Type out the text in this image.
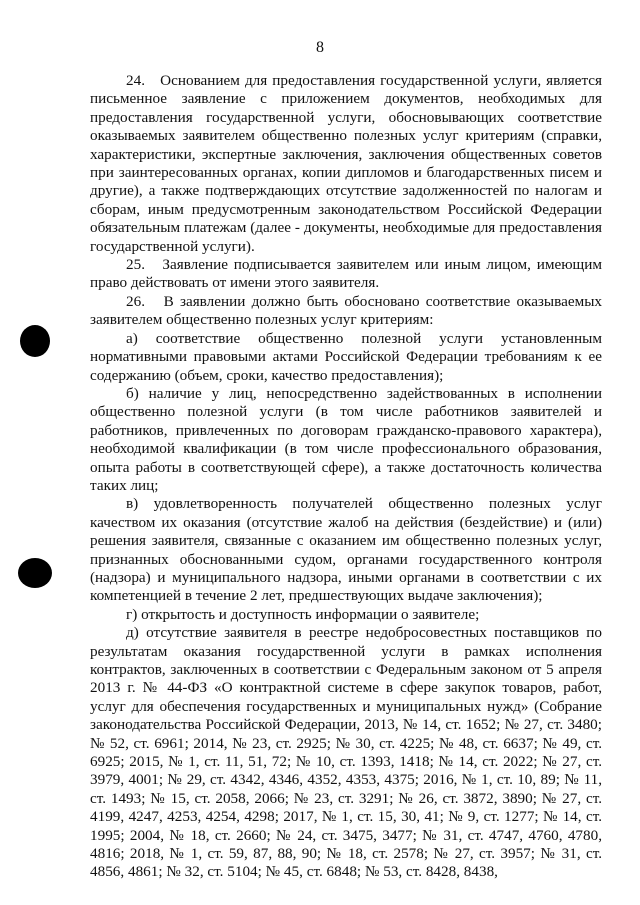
8

24.   Основанием для предоставления государственной услуги, является письменное заявление с приложением документов, необходимых для предоставления государственной услуги, обосновывающих соответствие оказываемых заявителем общественно полезных услуг критериям (справки, характеристики, экспертные заключения, заключения общественных советов при заинтересованных органах, копии дипломов и благодарственных писем и другие), а также подтверждающих отсутствие задолженностей по налогам и сборам, иным предусмотренным законодательством Российской Федерации обязательным платежам (далее - документы, необходимые для предоставления государственной услуги).

25.   Заявление подписывается заявителем или иным лицом, имеющим право действовать от имени этого заявителя.

26.   В заявлении должно быть обосновано соответствие оказываемых заявителем общественно полезных услуг критериям:

а) соответствие общественно полезной услуги установленным нормативными правовыми актами Российской Федерации требованиям к ее содержанию (объем, сроки, качество предоставления);

б) наличие у лиц, непосредственно задействованных в исполнении общественно полезной услуги (в том числе работников заявителей и работников, привлеченных по договорам гражданско-правового характера), необходимой квалификации (в том числе профессионального образования, опыта работы в соответствующей сфере), а также достаточность количества таких лиц;

в) удовлетворенность получателей общественно полезных услуг качеством их оказания (отсутствие жалоб на действия (бездействие) и (или) решения заявителя, связанные с оказанием им общественно полезных услуг, признанных обоснованными судом, органами государственного контроля (надзора) и муниципального надзора, иными органами в соответствии с их компетенцией в течение 2 лет, предшествующих выдаче заключения);

г) открытость и доступность информации о заявителе;

д) отсутствие заявителя в реестре недобросовестных поставщиков по результатам оказания государственной услуги в рамках исполнения контрактов, заключенных в соответствии с Федеральным законом от 5 апреля 2013 г. № 44-ФЗ «О контрактной системе в сфере закупок товаров, работ, услуг для обеспечения государственных и муниципальных нужд» (Собрание законодательства Российской Федерации, 2013, № 14, ст. 1652; № 27, ст. 3480; № 52, ст. 6961; 2014, № 23, ст. 2925; № 30, ст. 4225; № 48, ст. 6637; № 49, ст. 6925; 2015, № 1, ст. 11, 51, 72; № 10, ст. 1393, 1418; № 14, ст. 2022; № 27, ст. 3979, 4001; № 29, ст. 4342, 4346, 4352, 4353, 4375; 2016, № 1, ст. 10, 89; № 11, ст. 1493; № 15, ст. 2058, 2066; № 23, ст. 3291; № 26, ст. 3872, 3890; № 27, ст. 4199, 4247, 4253, 4254, 4298; 2017, № 1, ст. 15, 30, 41; № 9, ст. 1277; № 14, ст. 1995; 2004, № 18, ст. 2660; № 24, ст. 3475, 3477; № 31, ст. 4747, 4760, 4780, 4816; 2018, № 1, ст. 59, 87, 88, 90; № 18, ст. 2578; № 27, ст. 3957; № 31, ст. 4856, 4861; № 32, ст. 5104; № 45, ст. 6848; № 53, ст. 8428, 8438,
